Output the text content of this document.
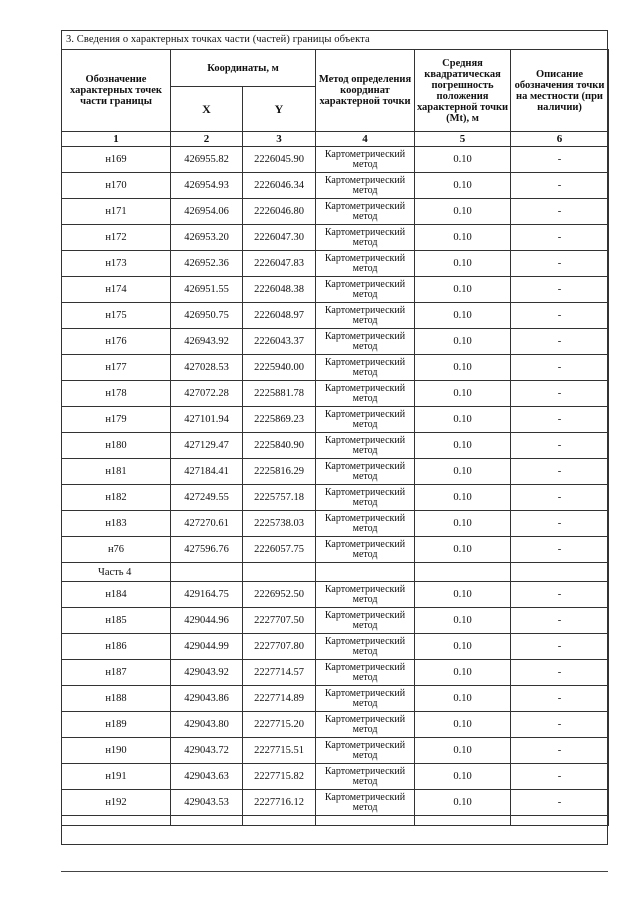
3. Сведения о характерных точках части (частей) границы объекта
Обозначение характерных точек части границы	Координаты, м		Метод определения координат характерной точки	Средняя квадратическая погрешность положения характерной точки (Mt), м	Описание обозначения точки на местности (при наличии)
	X	Y			
1	2	3	4	5	6
н169	426955.82	2226045.90	Картометрический метод	0.10	-
н170	426954.93	2226046.34	Картометрический метод	0.10	-
н171	426954.06	2226046.80	Картометрический метод	0.10	-
н172	426953.20	2226047.30	Картометрический метод	0.10	-
н173	426952.36	2226047.83	Картометрический метод	0.10	-
н174	426951.55	2226048.38	Картометрический метод	0.10	-
н175	426950.75	2226048.97	Картометрический метод	0.10	-
н176	426943.92	2226043.37	Картометрический метод	0.10	-
н177	427028.53	2225940.00	Картометрический метод	0.10	-
н178	427072.28	2225881.78	Картометрический метод	0.10	-
н179	427101.94	2225869.23	Картометрический метод	0.10	-
н180	427129.47	2225840.90	Картометрический метод	0.10	-
н181	427184.41	2225816.29	Картометрический метод	0.10	-
н182	427249.55	2225757.18	Картометрический метод	0.10	-
н183	427270.61	2225738.03	Картометрический метод	0.10	-
н76	427596.76	2226057.75	Картометрический метод	0.10	-
Часть 4					
н184	429164.75	2226952.50	Картометрический метод	0.10	-
н185	429044.96	2227707.50	Картометрический метод	0.10	-
н186	429044.99	2227707.80	Картометрический метод	0.10	-
н187	429043.92	2227714.57	Картометрический метод	0.10	-
н188	429043.86	2227714.89	Картометрический метод	0.10	-
н189	429043.80	2227715.20	Картометрический метод	0.10	-
н190	429043.72	2227715.51	Картометрический метод	0.10	-
н191	429043.63	2227715.82	Картометрический метод	0.10	-
н192	429043.53	2227716.12	Картометрический метод	0.10	-
